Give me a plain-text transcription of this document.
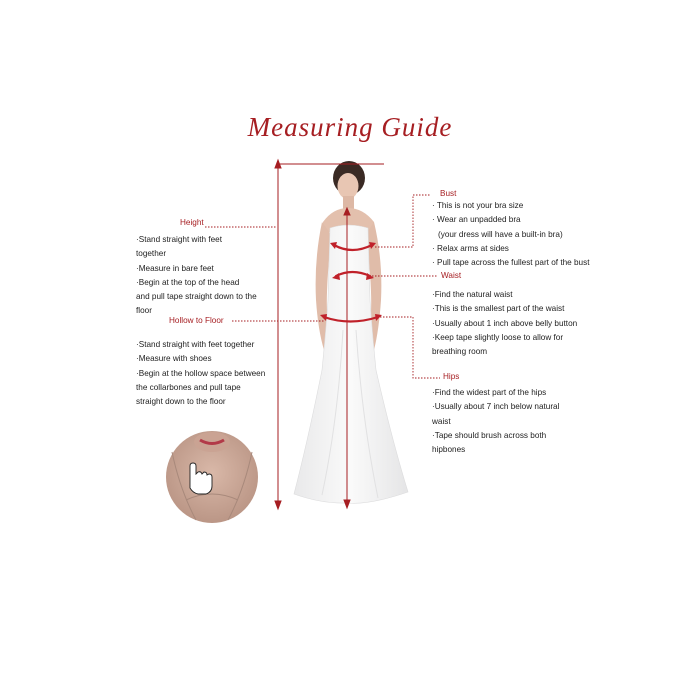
Measuring Guide
Height
·Stand straight with feet
together
·Measure in bare feet
·Begin at the top of the head
and pull tape straight down to the
floor
Hollow to Floor
·Stand straight with feet together
·Measure with shoes
·Begin at the hollow space between
the collarbones and pull tape
straight down to the floor
Bust
· This is not your bra size
· Wear an unpadded bra
(your dress will have a built-in bra)
· Relax arms at sides
· Pull tape across the fullest part of the bust
Waist
·Find the natural waist
·This is the smallest part of the waist
·Usually about 1 inch above belly button
·Keep tape slightly loose to allow for
breathing room
Hips
·Find the widest part of the hips
·Usually about 7 inch below natural
waist
·Tape should brush across both
hipbones
